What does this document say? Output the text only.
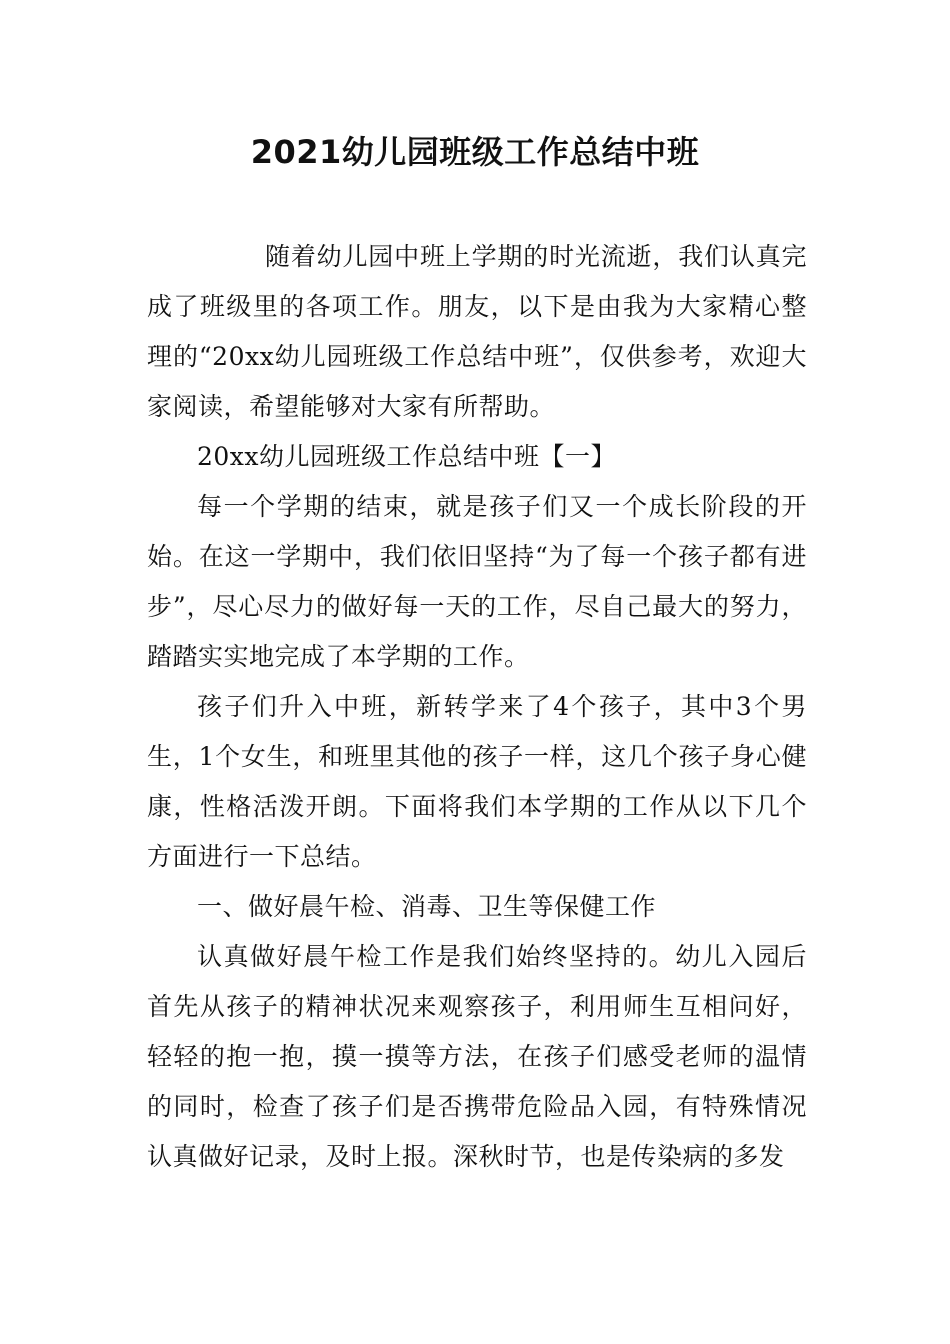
2021幼儿园班级工作总结中班

随着幼儿园中班上学期的时光流逝，我们认真完成了班级里的各项工作。朋友，以下是由我为大家精心整理的“20xx幼儿园班级工作总结中班”，仅供参考，欢迎大家阅读，希望能够对大家有所帮助。

20xx幼儿园班级工作总结中班【一】

每一个学期的结束，就是孩子们又一个成长阶段的开始。在这一学期中，我们依旧坚持“为了每一个孩子都有进步”，尽心尽力的做好每一天的工作，尽自己最大的努力，踏踏实实地完成了本学期的工作。

孩子们升入中班，新转学来了4个孩子，其中3个男生，1个女生，和班里其他的孩子一样，这几个孩子身心健康，性格活泼开朗。下面将我们本学期的工作从以下几个方面进行一下总结。

一、做好晨午检、消毒、卫生等保健工作

认真做好晨午检工作是我们始终坚持的。幼儿入园后首先从孩子的精神状况来观察孩子，利用师生互相问好，轻轻的抱一抱，摸一摸等方法，在孩子们感受老师的温情的同时，检查了孩子们是否携带危险品入园，有特殊情况认真做好记录，及时上报。深秋时节，也是传染病的多发
